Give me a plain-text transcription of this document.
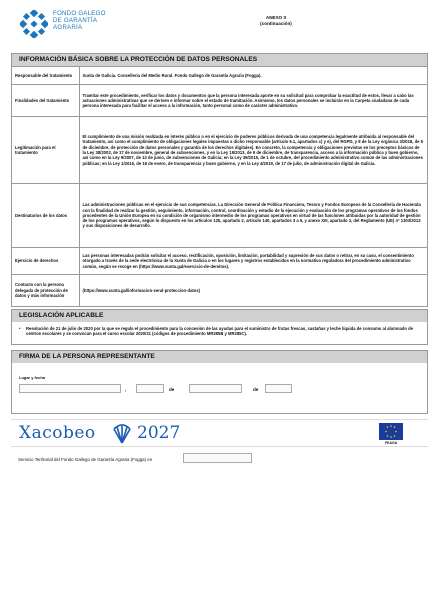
FONDO GALEGO
DE GARANTÍA
AGRARIA
ANEXO II
(continuación)
INFORMACIÓN BÁSICA SOBRE LA PROTECCIÓN DE DATOS PERSONALES
Responsable del tratamiento	Xunta de Galicia. Consellería del Medio Rural. Fondo Gallego de Garantía Agraria (Fogga).
Finalidades del tratamiento	Tramitar este procedimiento, verificar los datos y documentos que la persona interesada aporte en su solicitud para comprobar la exactitud de estos, llevar a cabo las actuaciones administrativas que se deriven e informar sobre el estado de tramitación. Asimismo, los datos personales se incluirán en la Carpeta ciudadana de cada persona interesada para facilitar el acceso a la información, tanto personal como de carácter administrativo.
Legitimación para el tratamiento	El cumplimiento de una misión realizada en interés público o en el ejercicio de poderes públicos derivada de una competencia legalmente atribuida al responsable del tratamiento, así como el cumplimiento de obligaciones legales impuestas a dicho responsable (artículo 6.1, apartados c) y e), del RGPD, y 8 de la Ley orgánica 3/2018, de 5 de diciembre, de protección de datos personales y garantía de los derechos digitales). En concreto, la competencia y obligaciones previstas en los preceptos básicos de la Ley 38/2003, de 17 de noviembre, general de subvenciones, y en la Ley 19/2013, de 9 de diciembre, de transparencia, acceso a la información pública y buen gobierno, así como en la Ley 9/2007, de 13 de junio, de subvenciones de Galicia; en la Ley 39/2015, de 1 de octubre, del procedimiento administrativo común de las administraciones públicas; en la Ley 1/2016, de 18 de enero, de transparencia y buen gobierno, y en la Ley 4/2019, de 17 de julio, de administración digital de Galicia.
Destinatarios de los datos	Las administraciones públicas en el ejercicio de sus competencias. La Dirección General de Política Financiera, Tesoro y Fondos Europeos de la Consellería de Hacienda con la finalidad de realizar la gestión, seguimiento, información, control, coordinación y estudio de la ejecución y evaluación de los programas operativos de los fondos procedentes de la Unión Europea en su condición de organismo intermedio de los programas operativos en virtud de las funciones atribuidas por la autoridad de gestión de los programas operativos, según lo dispuesto en los artículos 125, apartado 2, artículo 140, apartados 3 a 5, y anexo XIII, apartado 3, del Reglamento (UE) nº 1303/2013 y sus disposiciones de desarrollo.
Ejercicio de derechos	Las personas interesadas podrán solicitar el acceso, rectificación, oposición, limitación, portabilidad y supresión de sus datos o retirar, en su caso, el consentimiento otorgado a través de la sede electrónica de la Xunta de Galicia o en los lugares y registros establecidos en la normativa reguladora del procedimiento administrativo común, según se recoge en (https://www.xunta.gal/exercicio-de-dereitos).
Contacto con la persona delegada de protección de datos y más información	(https://www.xunta.gal/informacion-xeral-proteccion-datos)
LEGISLACIÓN APLICABLE
• Resolución de 21 de julio de 2020 por la que se regula el procedimiento para la concesión de las ayudas para el suministro de frutas frescas, castañas y leche líquida de consumo al alumnado de centros escolares y se convocan para el curso escolar 2020/21 (códigos de procedimiento MR285B y MR285C).
FIRMA DE LA PERSONA REPRESENTANTE
Lugar y fecha
,	de	de
Xacobeo 2027	FEAGA
Servicio Territorial del Fondo Gallego de Garantía Agraria (Fogga) en
